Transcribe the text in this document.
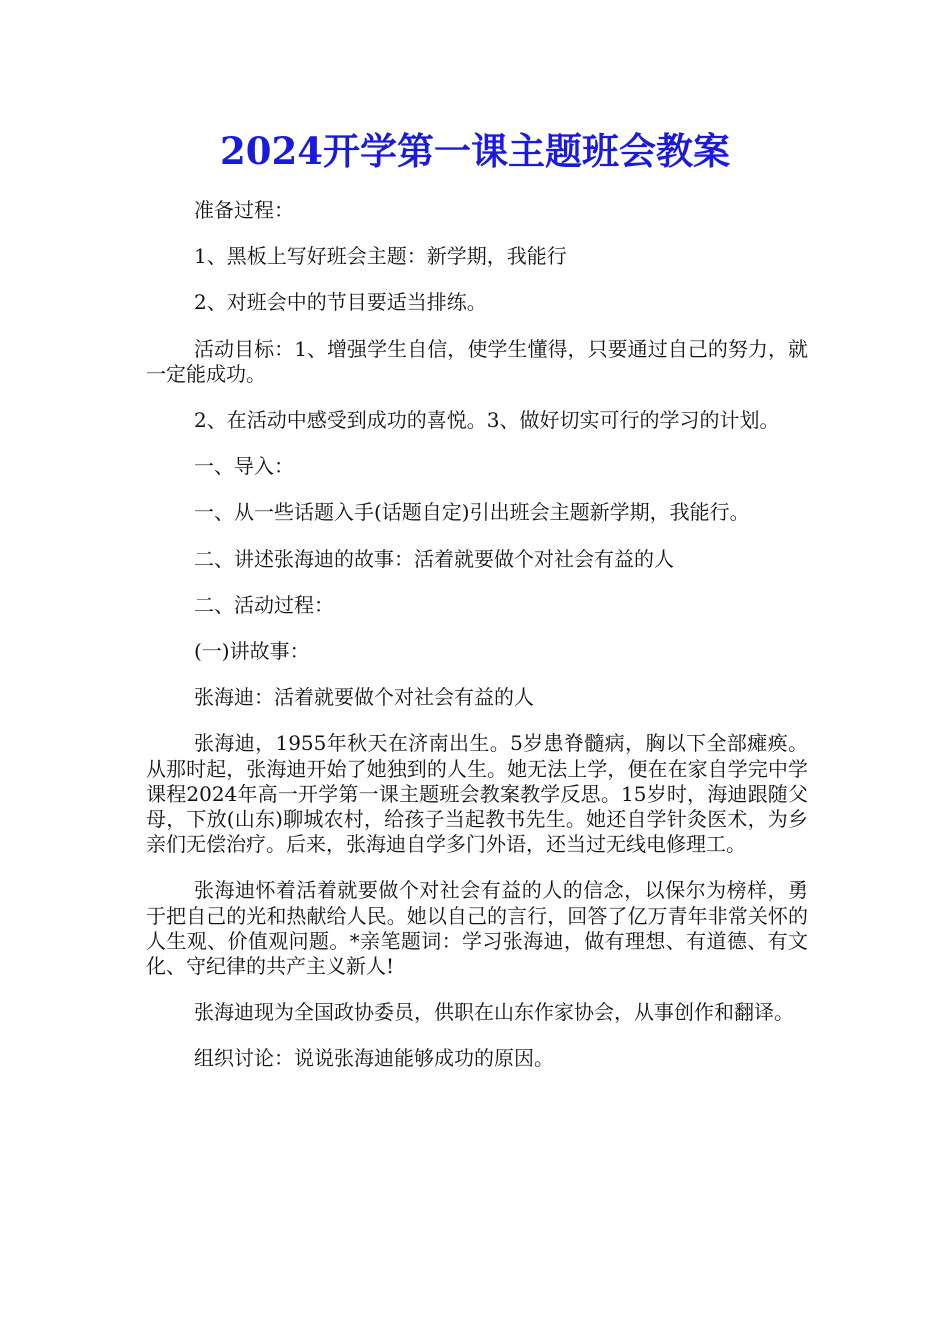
2024开学第一课主题班会教案

准备过程：

1、黑板上写好班会主题：新学期，我能行

2、对班会中的节目要适当排练。

活动目标：1、增强学生自信，使学生懂得，只要通过自己的努力，就一定能成功。

2、在活动中感受到成功的喜悦。3、做好切实可行的学习的计划。

一、导入：

一、从一些话题入手(话题自定)引出班会主题新学期，我能行。

二、讲述张海迪的故事：活着就要做个对社会有益的人

二、活动过程：

(一)讲故事：

张海迪：活着就要做个对社会有益的人

张海迪，1955年秋天在济南出生。5岁患脊髓病，胸以下全部瘫痪。从那时起，张海迪开始了她独到的人生。她无法上学，便在在家自学完中学课程2024年高一开学第一课主题班会教案教学反思。15岁时，海迪跟随父母，下放(山东)聊城农村，给孩子当起教书先生。她还自学针灸医术，为乡亲们无偿治疗。后来，张海迪自学多门外语，还当过无线电修理工。

张海迪怀着活着就要做个对社会有益的人的信念，以保尔为榜样，勇于把自己的光和热献给人民。她以自己的言行，回答了亿万青年非常关怀的人生观、价值观问题。*亲笔题词：学习张海迪，做有理想、有道德、有文化、守纪律的共产主义新人!

张海迪现为全国政协委员，供职在山东作家协会，从事创作和翻译。

组织讨论：说说张海迪能够成功的原因。
